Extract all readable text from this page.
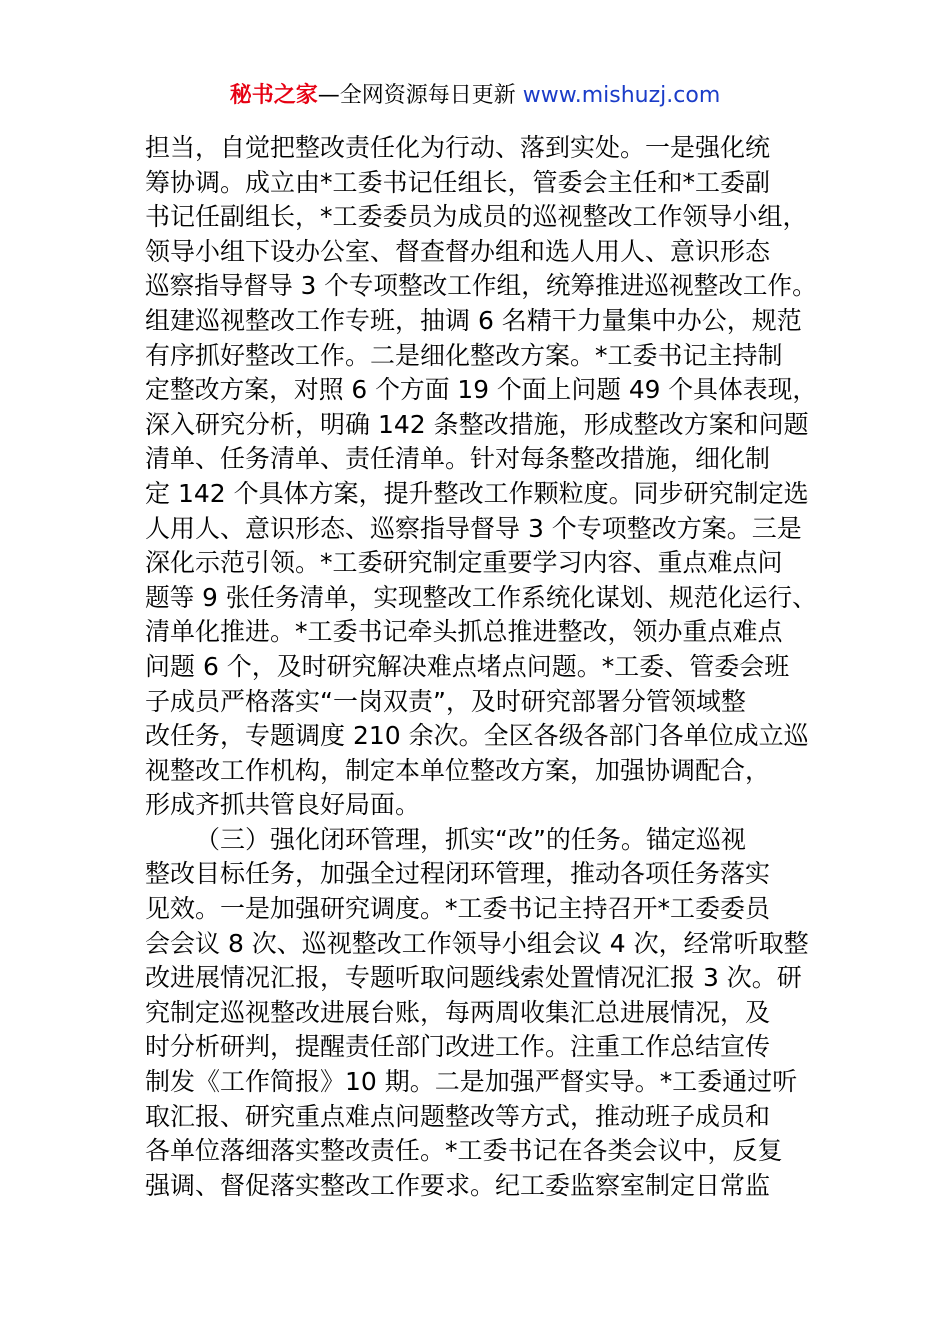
秘书之家—全网资源每日更新 www.mishuzj.com
担当，自觉把整改责任化为行动、落到实处。一是强化统
筹协调。成立由*工委书记任组长，管委会主任和*工委副
书记任副组长，*工委委员为成员的巡视整改工作领导小组，
领导小组下设办公室、督查督办组和选人用人、意识形态
巡察指导督导 3 个专项整改工作组，统筹推进巡视整改工作。
组建巡视整改工作专班，抽调 6 名精干力量集中办公，规范
有序抓好整改工作。二是细化整改方案。*工委书记主持制
定整改方案，对照 6 个方面 19 个面上问题 49 个具体表现，
深入研究分析，明确 142 条整改措施，形成整改方案和问题
清单、任务清单、责任清单。针对每条整改措施，细化制
定 142 个具体方案，提升整改工作颗粒度。同步研究制定选
人用人、意识形态、巡察指导督导 3 个专项整改方案。三是
深化示范引领。*工委研究制定重要学习内容、重点难点问
题等 9 张任务清单，实现整改工作系统化谋划、规范化运行、
清单化推进。*工委书记牵头抓总推进整改，领办重点难点
问题 6 个，及时研究解决难点堵点问题。*工委、管委会班
子成员严格落实“一岗双责”，及时研究部署分管领域整
改任务，专题调度 210 余次。全区各级各部门各单位成立巡
视整改工作机构，制定本单位整改方案，加强协调配合，
形成齐抓共管良好局面。
（三）强化闭环管理，抓实“改”的任务。锚定巡视
整改目标任务，加强全过程闭环管理，推动各项任务落实
见效。一是加强研究调度。*工委书记主持召开*工委委员
会会议 8 次、巡视整改工作领导小组会议 4 次，经常听取整
改进展情况汇报，专题听取问题线索处置情况汇报 3 次。研
究制定巡视整改进展台账，每两周收集汇总进展情况，及
时分析研判，提醒责任部门改进工作。注重工作总结宣传
制发《工作简报》10 期。二是加强严督实导。*工委通过听
取汇报、研究重点难点问题整改等方式，推动班子成员和
各单位落细落实整改责任。*工委书记在各类会议中，反复
强调、督促落实整改工作要求。纪工委监察室制定日常监
